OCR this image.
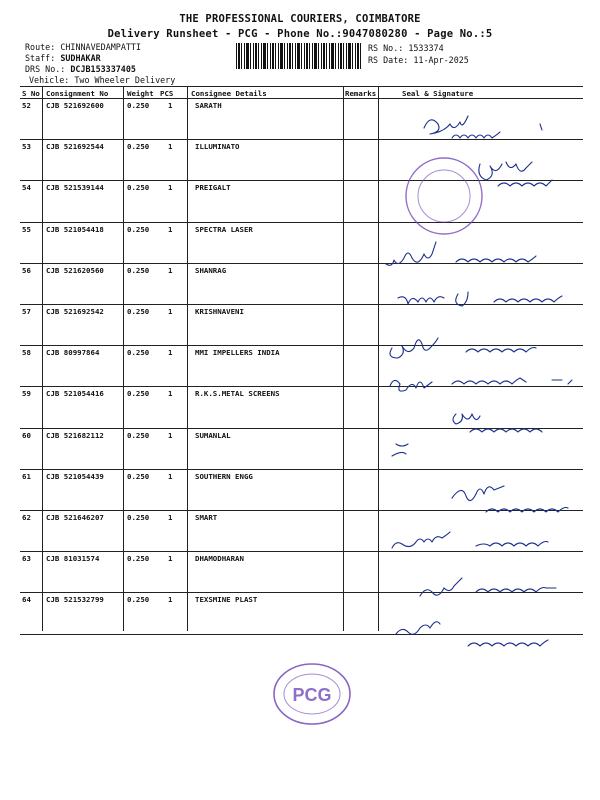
THE PROFESSIONAL COURIERS, COIMBATORE
Delivery Runsheet - PCG - Phone No.:9047080280 - Page No.:5
Route: CHINNAVEDAMPATTI
Staff: SUDHAKAR
DRS No.: DCJB153337405
Vehicle: Two Wheeler Delivery
RS No.: 1533374
RS Date: 11-Apr-2025
S No Consignment No	Weight PCS Consignee Details	Remarks	Seal & Signature
52 CJB 521692600	0.250	1	SARATH
53 CJB 521692544	0.250	1	ILLUMINATO
54 CJB 521539144	0.250	1	PREIGALT
55 CJB 521054418	0.250	1	SPECTRA LASER
56 CJB 521620560	0.250	1	SHANRAG
57 CJB 521692542	0.250	1	KRISHNAVENI
58 CJB 80997864	0.250	1	MMI IMPELLERS INDIA
59 CJB 521054416	0.250	1	R.K.S.METAL SCREENS
60 CJB 521682112	0.250	1	SUMANLAL
61 CJB 521054439	0.250	1	SOUTHERN ENGG
62 CJB 521646207	0.250	1	SMART
63 CJB 81031574	0.250	1	DHAMODHARAN
64 CJB 521532799	0.250	1	TEXSMINE PLAST
PCG
